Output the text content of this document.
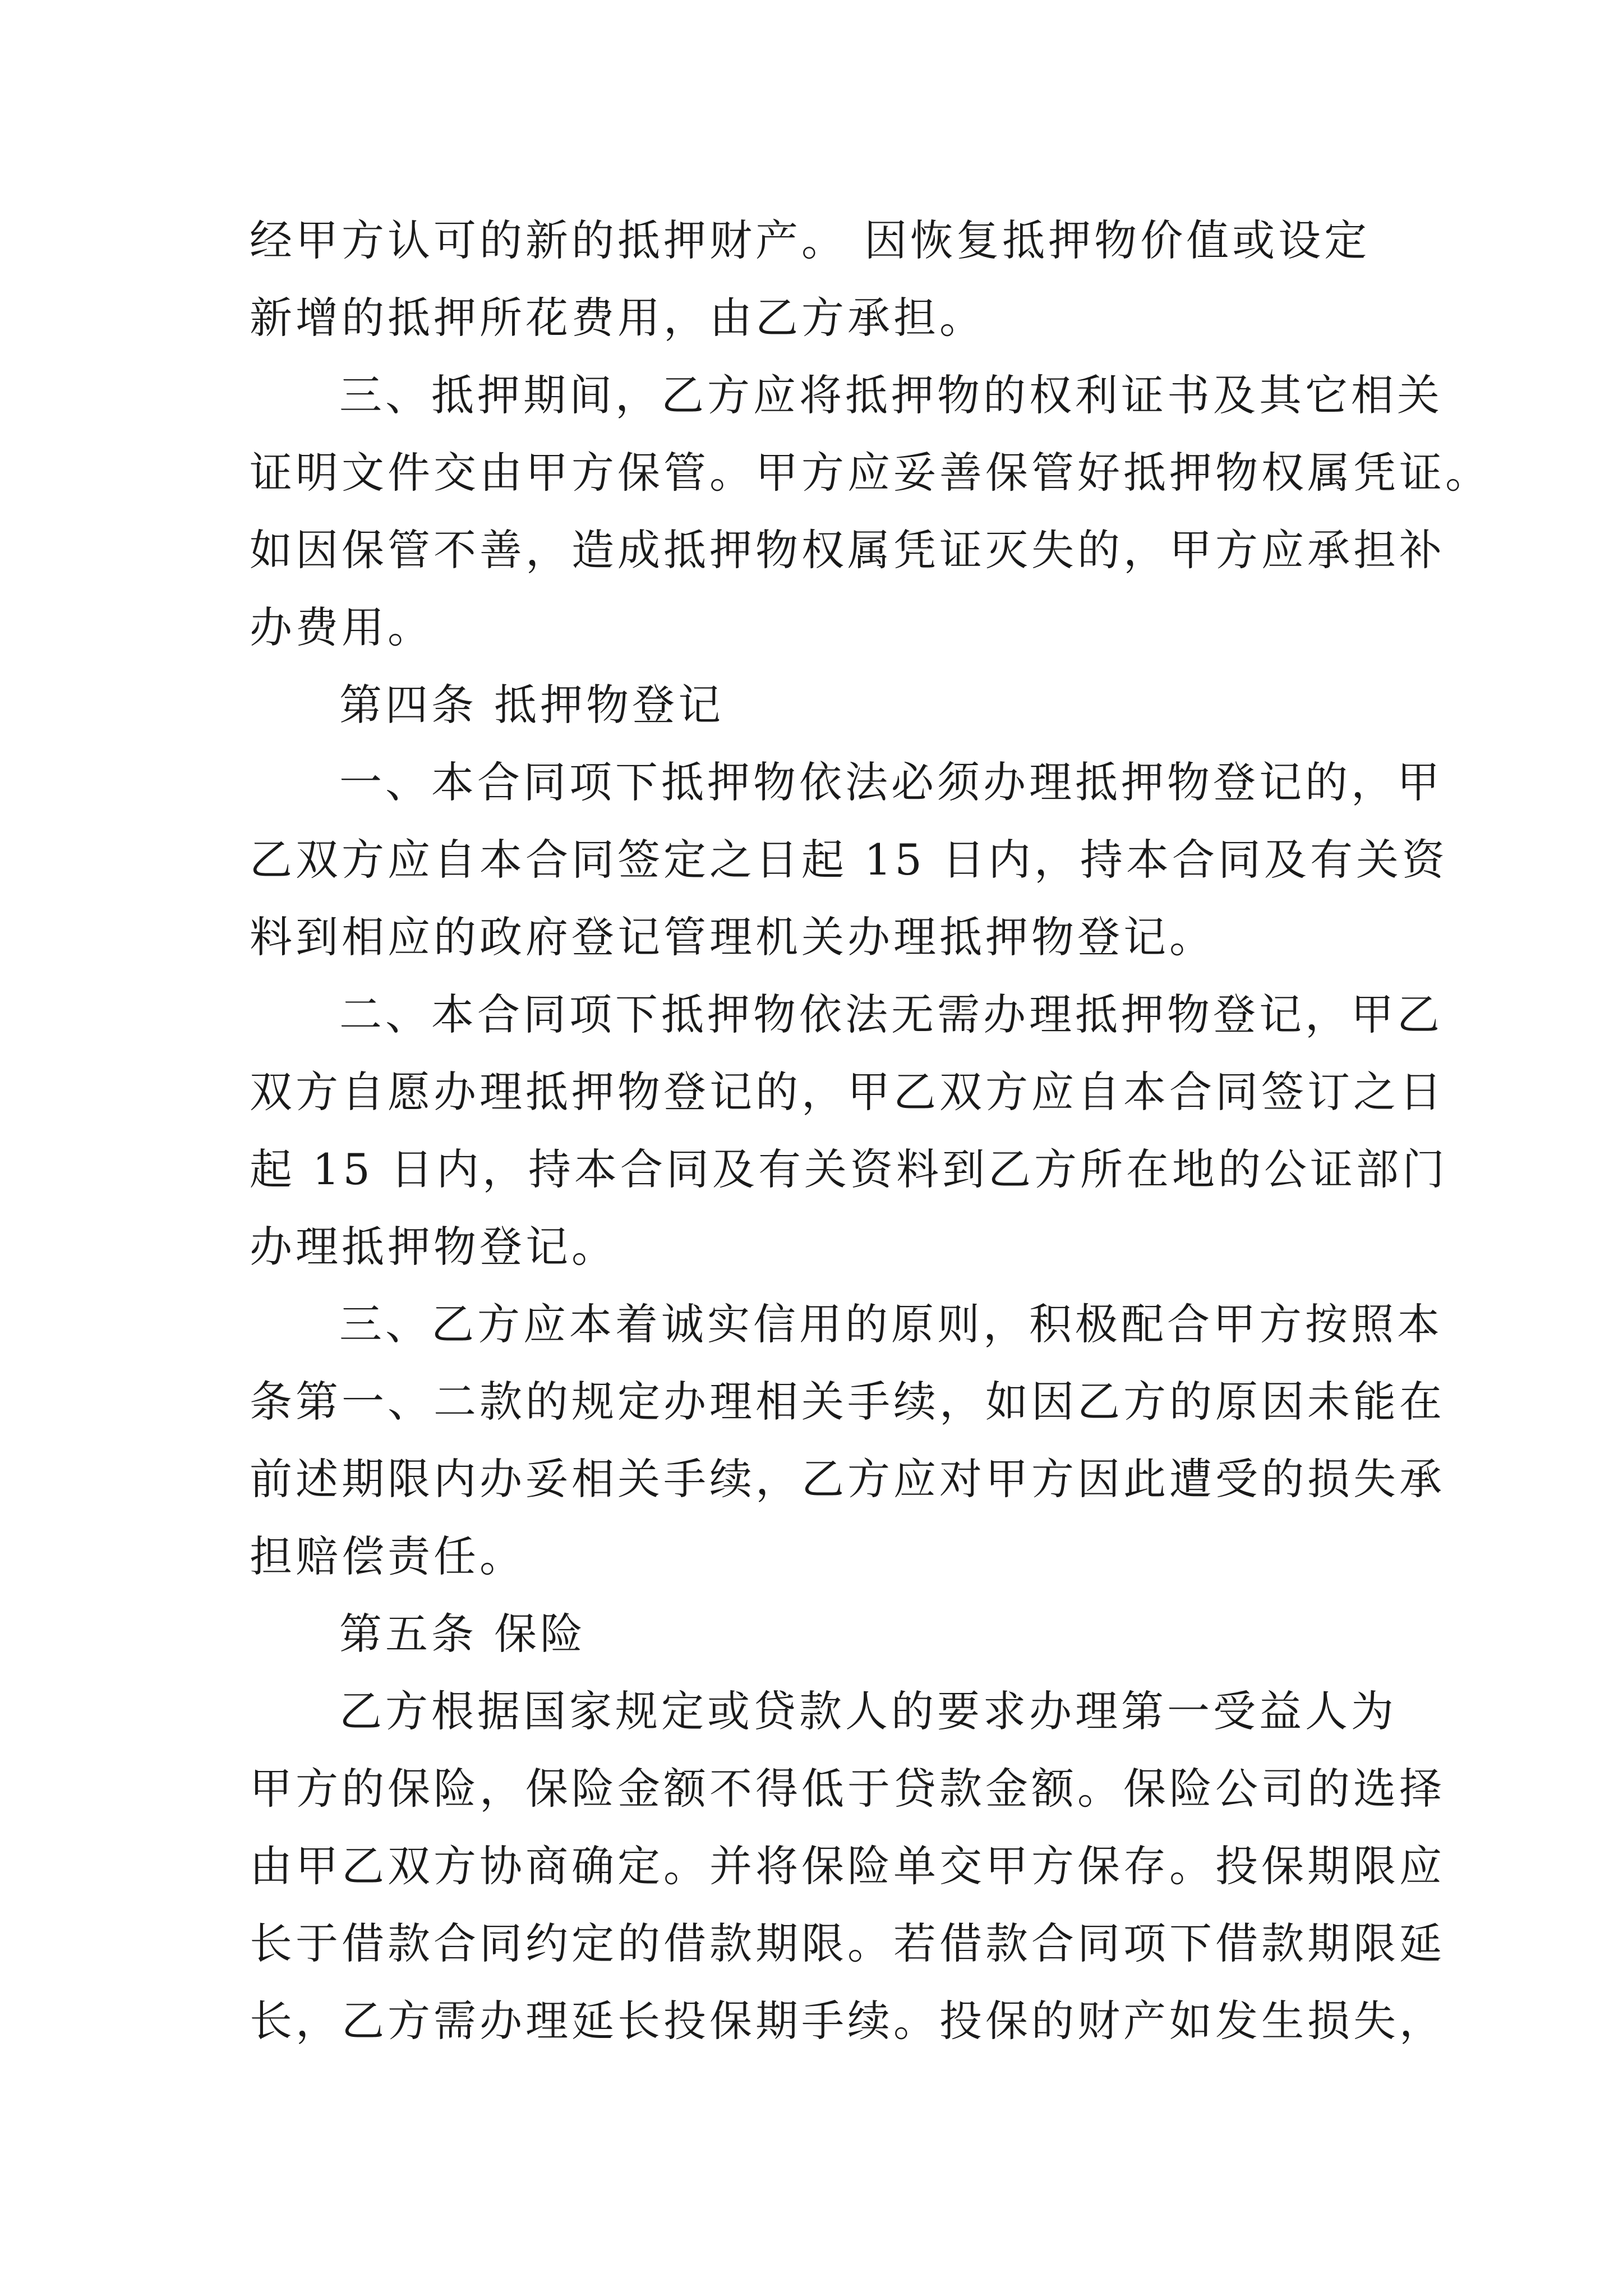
经甲方认可的新的抵押财产。 因恢复抵押物价值或设定
新增的抵押所花费用，由乙方承担。
三、抵押期间，乙方应将抵押物的权利证书及其它相关
证明文件交由甲方保管。甲方应妥善保管好抵押物权属凭证。
如因保管不善，造成抵押物权属凭证灭失的，甲方应承担补
办费用。
第四条 抵押物登记
一、本合同项下抵押物依法必须办理抵押物登记的，甲
乙双方应自本合同签定之日起 15 日内，持本合同及有关资
料到相应的政府登记管理机关办理抵押物登记。
二、本合同项下抵押物依法无需办理抵押物登记，甲乙
双方自愿办理抵押物登记的，甲乙双方应自本合同签订之日
起 15 日内，持本合同及有关资料到乙方所在地的公证部门
办理抵押物登记。
三、乙方应本着诚实信用的原则，积极配合甲方按照本
条第一、二款的规定办理相关手续，如因乙方的原因未能在
前述期限内办妥相关手续，乙方应对甲方因此遭受的损失承
担赔偿责任。
第五条 保险
乙方根据国家规定或贷款人的要求办理第一受益人为
甲方的保险，保险金额不得低于贷款金额。保险公司的选择
由甲乙双方协商确定。并将保险单交甲方保存。投保期限应
长于借款合同约定的借款期限。若借款合同项下借款期限延
长，乙方需办理延长投保期手续。投保的财产如发生损失，
